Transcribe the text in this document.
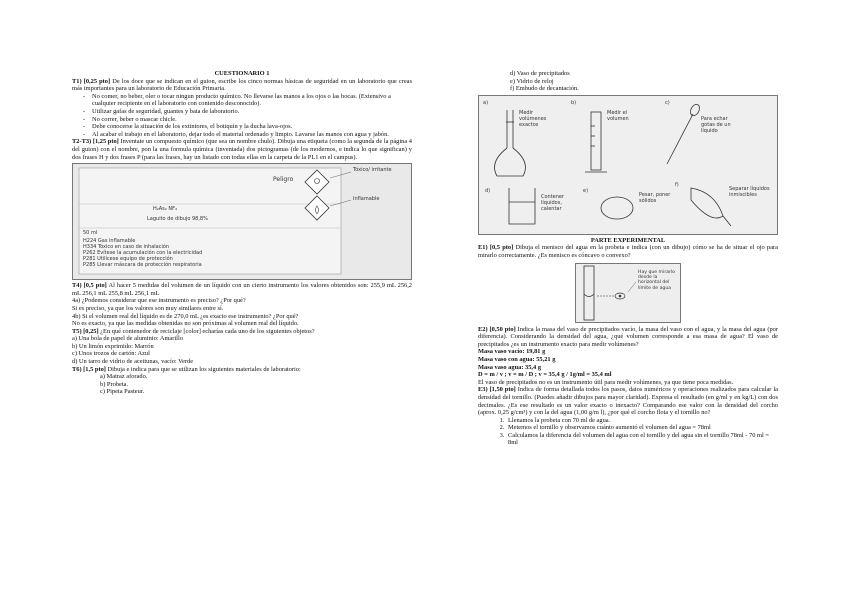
CUESTIONARIO 1

T1) [0,25 pto] De los doce que se indican en el guion, escribe los cinco normas básicas de seguridad en un laboratorio que creas más importantes para un laboratorio de Educación Primaria.

- No comer, no beber, oler o tocar ningun producto químico. No llevarse las manos a los ojos o las bocas. (Extensivo a cualquier recipiente en el laboratorio con contenido desconocido).
- Utilizar gafas de seguridad, guantes y bata de laboratorio.
- No correr, beber o mascar chicle.
- Debe conocerse la situación de los extintores, el botiquín y la ducha lava-ojos.
- Al acabar el trabajo en el laboratorio, dejar todo el material ordenado y limpio. Lavarse las manos con agua y jabón.

T2-T3) [1,25 pto] Inventate un compuesto químico (que sea un nombre chulo). Dibuja una etiqueta (como la segunda de la página 4 del guion) con el nombre, pon la una formula química (inventada) dos pictogramas (de los modernos, e indica lo que significan) y dos frases H y dos frases P (para las frases, hay un listado con todas ellas en la carpeta de la PL1 en el campus).

Peligro
Tóxico/ irritante
Inflamable
H₂As₂ NF₄
Laguito de dibujo 98,8%
50 ml
H224 Gas inflamable
H334 Tóxico en caso de inhalación
P262 Evítese la acumulación con la electricidad
P281 Utilícese equipo de protección
P285 Llevar máscara de protección respiratoria

T4) [0,5 pto] Al hacer 5 medidas del volumen de un líquido con un cierto instrumento los valores obtenidos son: 255,9 mL 256,2 mL 256,1 mL 255,8 mL 256,1 mL

4a) ¿Podemos considerar que ese instrumento es preciso? ¿Por qué?

Si es preciso, ya que los valores son muy similares entre sí.

4b) Si el volumen real del líquido es de 270,0 mL ¿es exacto ese instrumento? ¿Por qué?

No es exacto, ya que las medidas obtenidas no son próximas al volumen real del líquido.

T5) [0,25] ¿En qué contenedor de reciclaje [color] echarías cada uno de los siguientes objetos?

a) Una bola de papel de aluminio: Amarillo

b) Un limón exprimido: Marrón

c) Unos trozos de cartón: Azul

d) Un tarro de vidrio de aceitunas, vacío: Verde

T6) [1,5 pto] Dibuja e indica para que se utilizan los siguientes materiales de laboratorio:

a) Matraz aforado.

b) Probeta.

c) Pipeta Pasteur.

d) Vaso de precipitados

e) Vidrio de reloj

f) Embudo de decantación.

a)
Medir volúmenes exactos
b)
Medir el volumen
c)
Para echar gotas de un líquido
d)
Contener líquidos, calentar
e)
Pesar, poner sólidos
f)
Separar líquidos inmiscibles

PARTE EXPERIMENTAL

E1) [0,5 pto] Dibuja el menisco del agua en la probeta e indica (con un dibujo) cómo se ha de situar el ojo para mirarlo correctamente. ¿Es menisco es cóncavo o convexo?

Hay que mirarlo desde la horizontal del límite de agua

E2) [0,50 pto] Indica la masa del vaso de precipitados vacío, la masa del vaso con el agua, y la masa del agua (por diferencia). Considerando la densidad del agua, ¿qué volumen corresponde a esa masa de agua? El vaso de precipitados ¿es un instrumento exacto para medir volúmenes?

Masa vaso vacío: 19,81 g

Masa vaso con agua: 55,21 g

Masa vaso agua: 35,4 g

D = m / v ; v = m / D ; v = 35,4 g / 1g/ml = 35,4 ml

El vaso de precipitados no es un instrumento útil para medir volúmenes, ya que tiene poca medidas.

E3) [1,50 pto] Indica de forma detallada todos los pasos, datos numéricos y operaciones realizados para calcular la densidad del tornillo. (Puedes añadir dibujos para mayor claridad). Expresa el resultado (en g/ml y en kg/L) con dos decimales. ¿Es ese resultado es un valor exacto o inexacto? Comparando ese valor con la densidad del corcho (aprox. 0,25 g/cm³) y con la del agua (1,00 g/m l), ¿por qué el corcho flota y el tornillo no?

1. Llenamos la probeta con 70 ml de agua.
2. Metemos el tornillo y observamos cuánto aumentó el volumen del agua = 78ml
3. Calculamos la diferencia del volumen del agua con el tornillo y del agua sin el tornillo 78ml - 70 ml = 8ml
